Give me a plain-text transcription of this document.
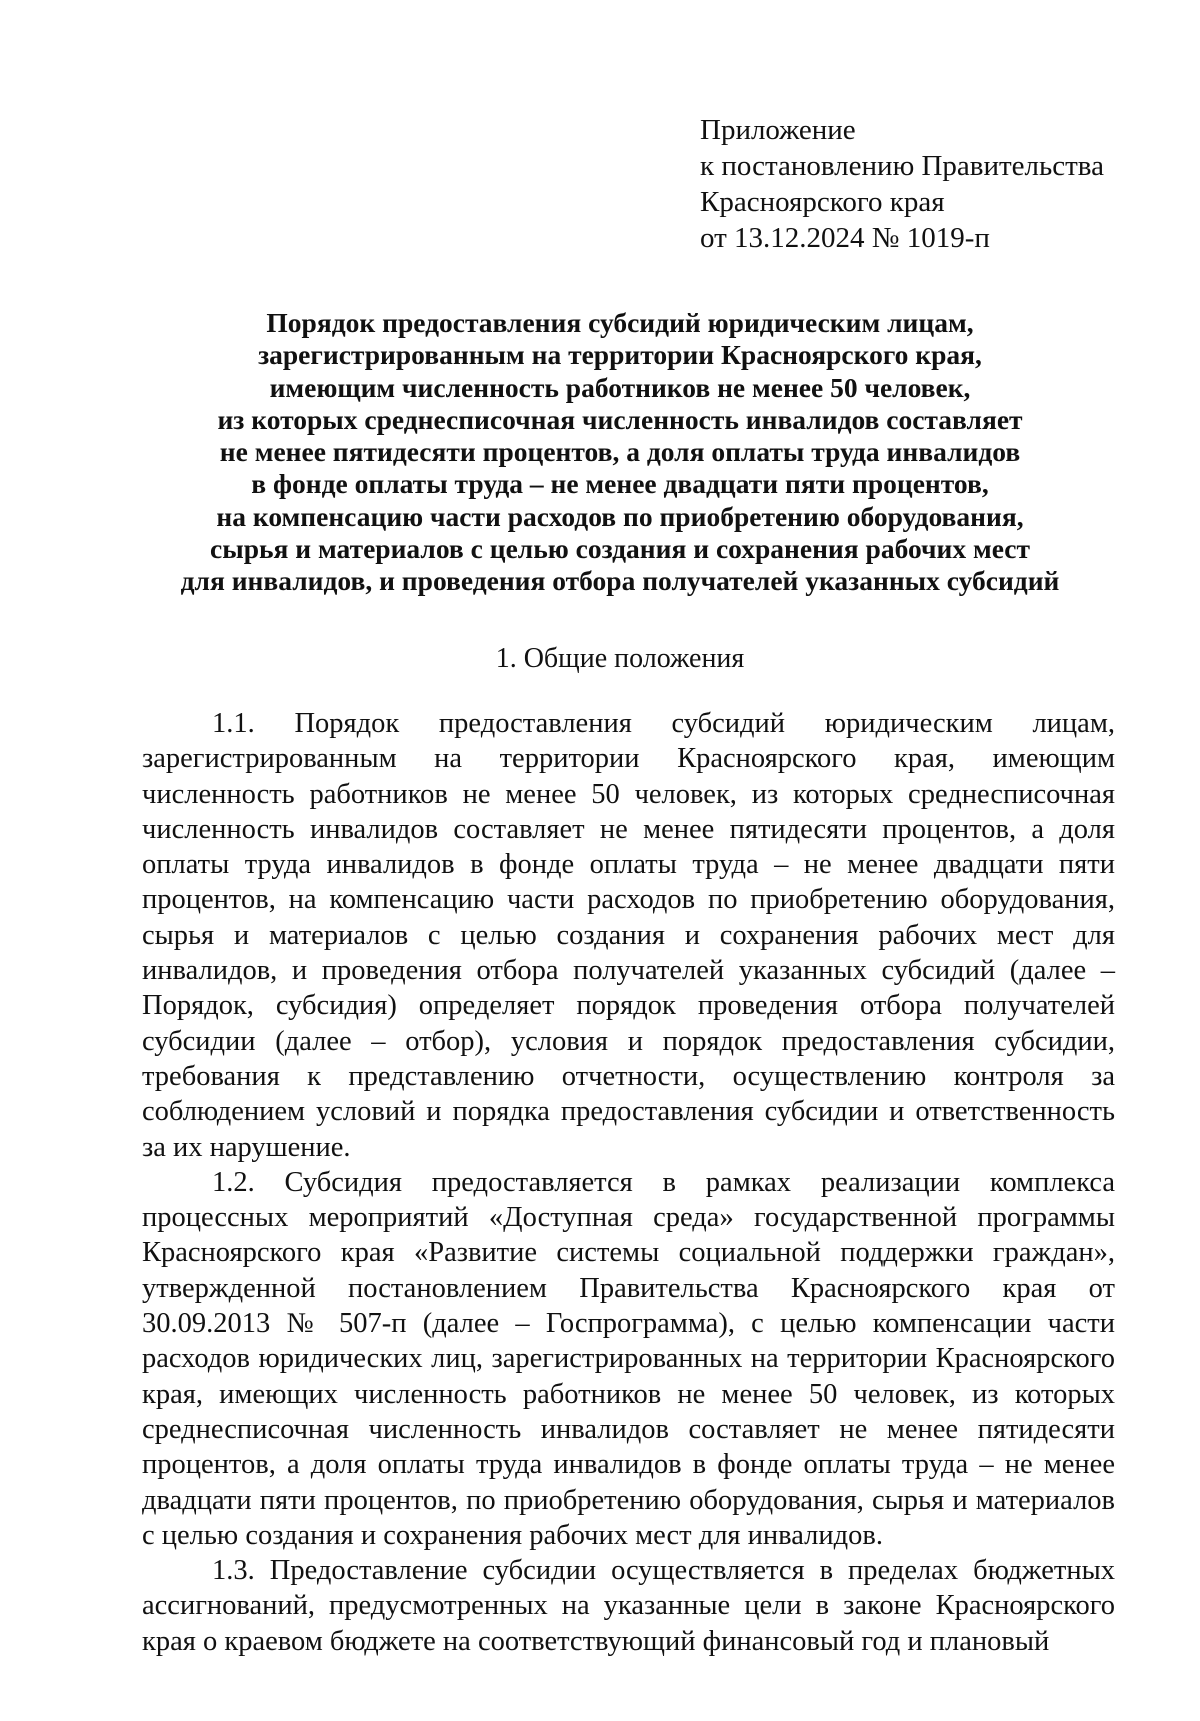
Приложение
к постановлению Правительства
Красноярского края
от 13.12.2024 № 1019-п
Порядок предоставления субсидий юридическим лицам,
зарегистрированным на территории Красноярского края,
имеющим численность работников не менее 50 человек,
из которых среднесписочная численность инвалидов составляет
не менее пятидесяти процентов, а доля оплаты труда инвалидов
в фонде оплаты труда – не менее двадцати пяти процентов,
на компенсацию части расходов по приобретению оборудования,
сырья и материалов с целью создания и сохранения рабочих мест
для инвалидов, и проведения отбора получателей указанных субсидий
1. Общие положения

1.1. Порядок предоставления субсидий юридическим лицам, зарегистрированным на территории Красноярского края, имеющим численность работников не менее 50 человек, из которых среднесписочная численность инвалидов составляет не менее пятидесяти процентов, а доля оплаты труда инвалидов в фонде оплаты труда – не менее двадцати пяти процентов, на компенсацию части расходов по приобретению оборудования, сырья и материалов с целью создания и сохранения рабочих мест для инвалидов, и проведения отбора получателей указанных субсидий (далее – Порядок, субсидия) определяет порядок проведения отбора получателей субсидии (далее – отбор), условия и порядок предоставления субсидии, требования к представлению отчетности, осуществлению контроля за соблюдением условий и порядка предоставления субсидии и ответственность за их нарушение.

1.2. Субсидия предоставляется в рамках реализации комплекса процессных мероприятий «Доступная среда» государственной программы Красноярского края «Развитие системы социальной поддержки граждан», утвержденной постановлением Правительства Красноярского края от 30.09.2013 № 507-п (далее – Госпрограмма), с целью компенсации части расходов юридических лиц, зарегистрированных на территории Красноярского края, имеющих численность работников не менее 50 человек, из которых среднесписочная численность инвалидов составляет не менее пятидесяти процентов, а доля оплаты труда инвалидов в фонде оплаты труда – не менее двадцати пяти процентов, по приобретению оборудования, сырья и материалов с целью создания и сохранения рабочих мест для инвалидов.

1.3. Предоставление субсидии осуществляется в пределах бюджетных ассигнований, предусмотренных на указанные цели в законе Красноярского края о краевом бюджете на соответствующий финансовый год и плановый
